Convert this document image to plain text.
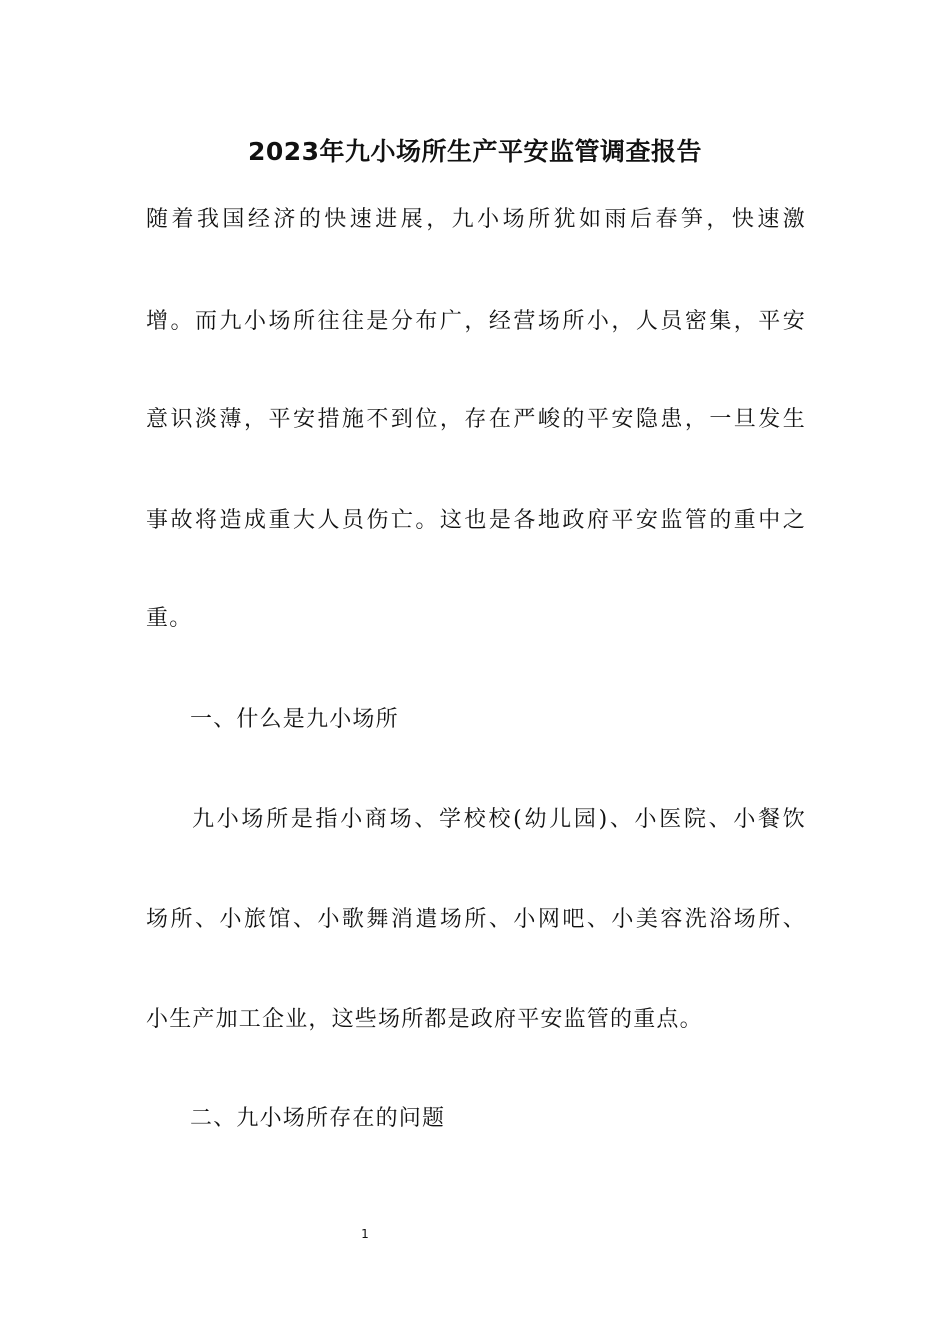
2023年九小场所生产平安监管调查报告
随着我国经济的快速进展，九小场所犹如雨后春笋，快速激
增。而九小场所往往是分布广，经营场所小，人员密集，平安
意识淡薄，平安措施不到位，存在严峻的平安隐患，一旦发生
事故将造成重大人员伤亡。这也是各地政府平安监管的重中之
重。
一、什么是九小场所
九小场所是指小商场、学校校(幼儿园)、小医院、小餐饮
场所、小旅馆、小歌舞消遣场所、小网吧、小美容洗浴场所、
小生产加工企业，这些场所都是政府平安监管的重点。
二、九小场所存在的问题
1
